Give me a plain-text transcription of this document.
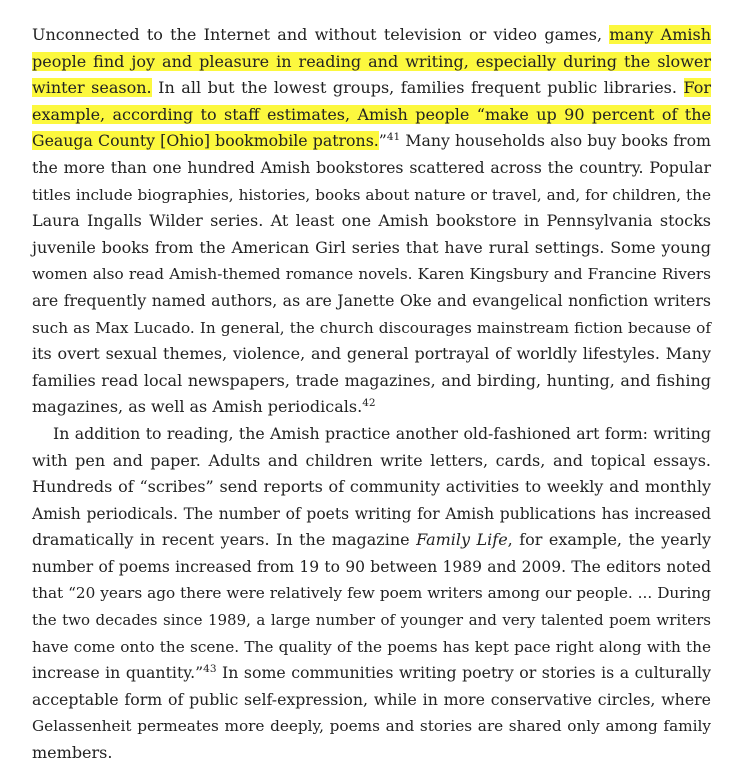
Unconnected to the Internet and without television or video games, many Amish
people find joy and pleasure in reading and writing, especially during the slower
winter season. In all but the lowest groups, families frequent public libraries. For
example, according to staff estimates, Amish people “make up 90 percent of the
Geauga County [Ohio] bookmobile patrons.”$^{41}$ Many households also buy books from
the more than one hundred Amish bookstores scattered across the country. Popular
titles include biographies, histories, books about nature or travel, and, for children, the
Laura Ingalls Wilder series. At least one Amish bookstore in Pennsylvania stocks
juvenile books from the American Girl series that have rural settings. Some young
women also read Amish-themed romance novels. Karen Kingsbury and Francine Rivers
are frequently named authors, as are Janette Oke and evangelical nonfiction writers
such as Max Lucado. In general, the church discourages mainstream fiction because of
its overt sexual themes, violence, and general portrayal of worldly lifestyles. Many
families read local newspapers, trade magazines, and birding, hunting, and fishing
magazines, as well as Amish periodicals.$^{42}$
In addition to reading, the Amish practice another old-fashioned art form: writing
with pen and paper. Adults and children write letters, cards, and topical essays.
Hundreds of “scribes” send reports of community activities to weekly and monthly
Amish periodicals. The number of poets writing for Amish publications has increased
dramatically in recent years. In the magazine Family Life, for example, the yearly
number of poems increased from 19 to 90 between 1989 and 2009. The editors noted
that “20 years ago there were relatively few poem writers among our people. ... During
the two decades since 1989, a large number of younger and very talented poem writers
have come onto the scene. The quality of the poems has kept pace right along with the
increase in quantity.”$^{43}$ In some communities writing poetry or stories is a culturally
acceptable form of public self-expression, while in more conservative circles, where
Gelassenheit permeates more deeply, poems and stories are shared only among family
members.
